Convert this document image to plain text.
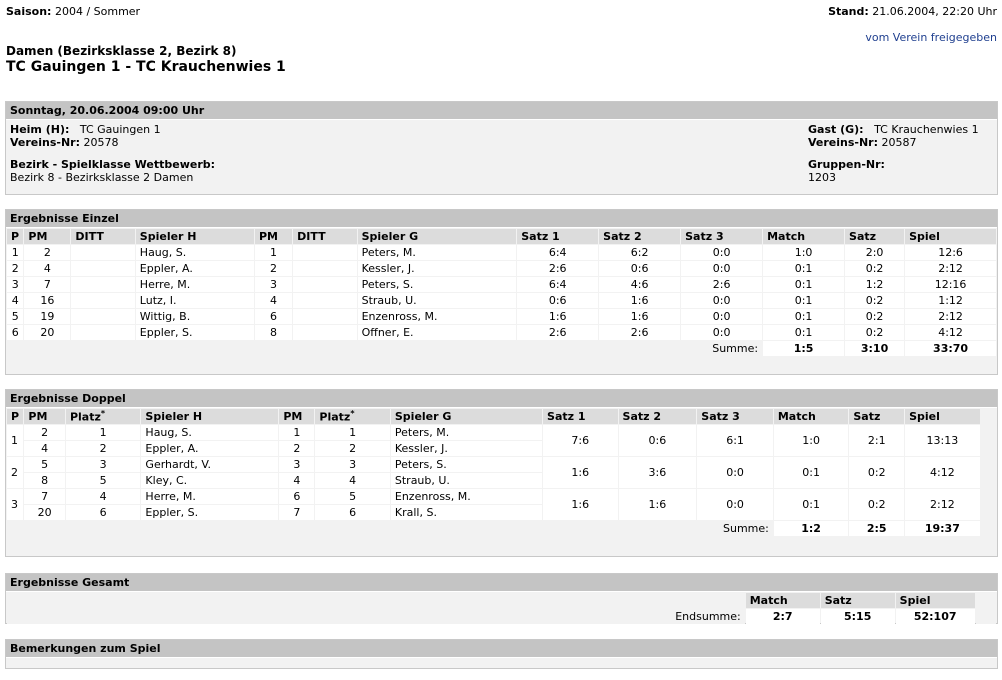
Saison: 2004 / Sommer	Stand: 21.06.2004, 22:20 Uhr
vom Verein freigegeben
Damen (Bezirksklasse 2, Bezirk 8)
TC Gauingen 1 - TC Krauchenwies 1
Sonntag, 20.06.2004 09:00 Uhr
Heim (H): TC Gauingen 1
Vereins-Nr: 20578
Gast (G): TC Krauchenwies 1
Vereins-Nr: 20587
Bezirk - Spielklasse Wettbewerb:
Bezirk 8 - Bezirksklasse 2 Damen
Gruppen-Nr:
1203
Ergebnisse Einzel
P	PM	DITT	Spieler H	PM	DITT	Spieler G	Satz 1	Satz 2	Satz 3	Match	Satz	Spiel
1	2		Haug, S.	1		Peters, M.	6:4	6:2	0:0	1:0	2:0	12:6
2	4		Eppler, A.	2		Kessler, J.	2:6	0:6	0:0	0:1	0:2	2:12
3	7		Herre, M.	3		Peters, S.	6:4	4:6	2:6	0:1	1:2	12:16
4	16		Lutz, I.	4		Straub, U.	0:6	1:6	0:0	0:1	0:2	1:12
5	19		Wittig, B.	6		Enzenross, M.	1:6	1:6	0:0	0:1	0:2	2:12
6	20		Eppler, S.	8		Offner, E.	2:6	2:6	0:0	0:1	0:2	4:12
Summe:										1:5	3:10	33:70
Ergebnisse Doppel
P	PM	Platz*	Spieler H	PM	Platz*	Spieler G	Satz 1	Satz 2	Satz 3	Match	Satz	Spiel	
1	2	1	Haug, S.	1	1	Peters, M.	7:6	0:6	6:1	1:0	2:1	13:13	
	4	2	Eppler, A.	2	2	Kessler, J.							
2	5	3	Gerhardt, V.	3	3	Peters, S.	1:6	3:6	0:0	0:1	0:2	4:12	
	8	5	Kley, C.	4	4	Straub, U.							
3	7	4	Herre, M.	6	5	Enzenross, M.	1:6	1:6	0:0	0:1	0:2	2:12	
	20	6	Eppler, S.	7	6	Krall, S.							
Summe:										1:2	2:5	19:37	
Ergebnisse Gesamt
	Match	Satz	Spiel	
Endsumme:	2:7	5:15	52:107	
Bemerkungen zum Spiel
